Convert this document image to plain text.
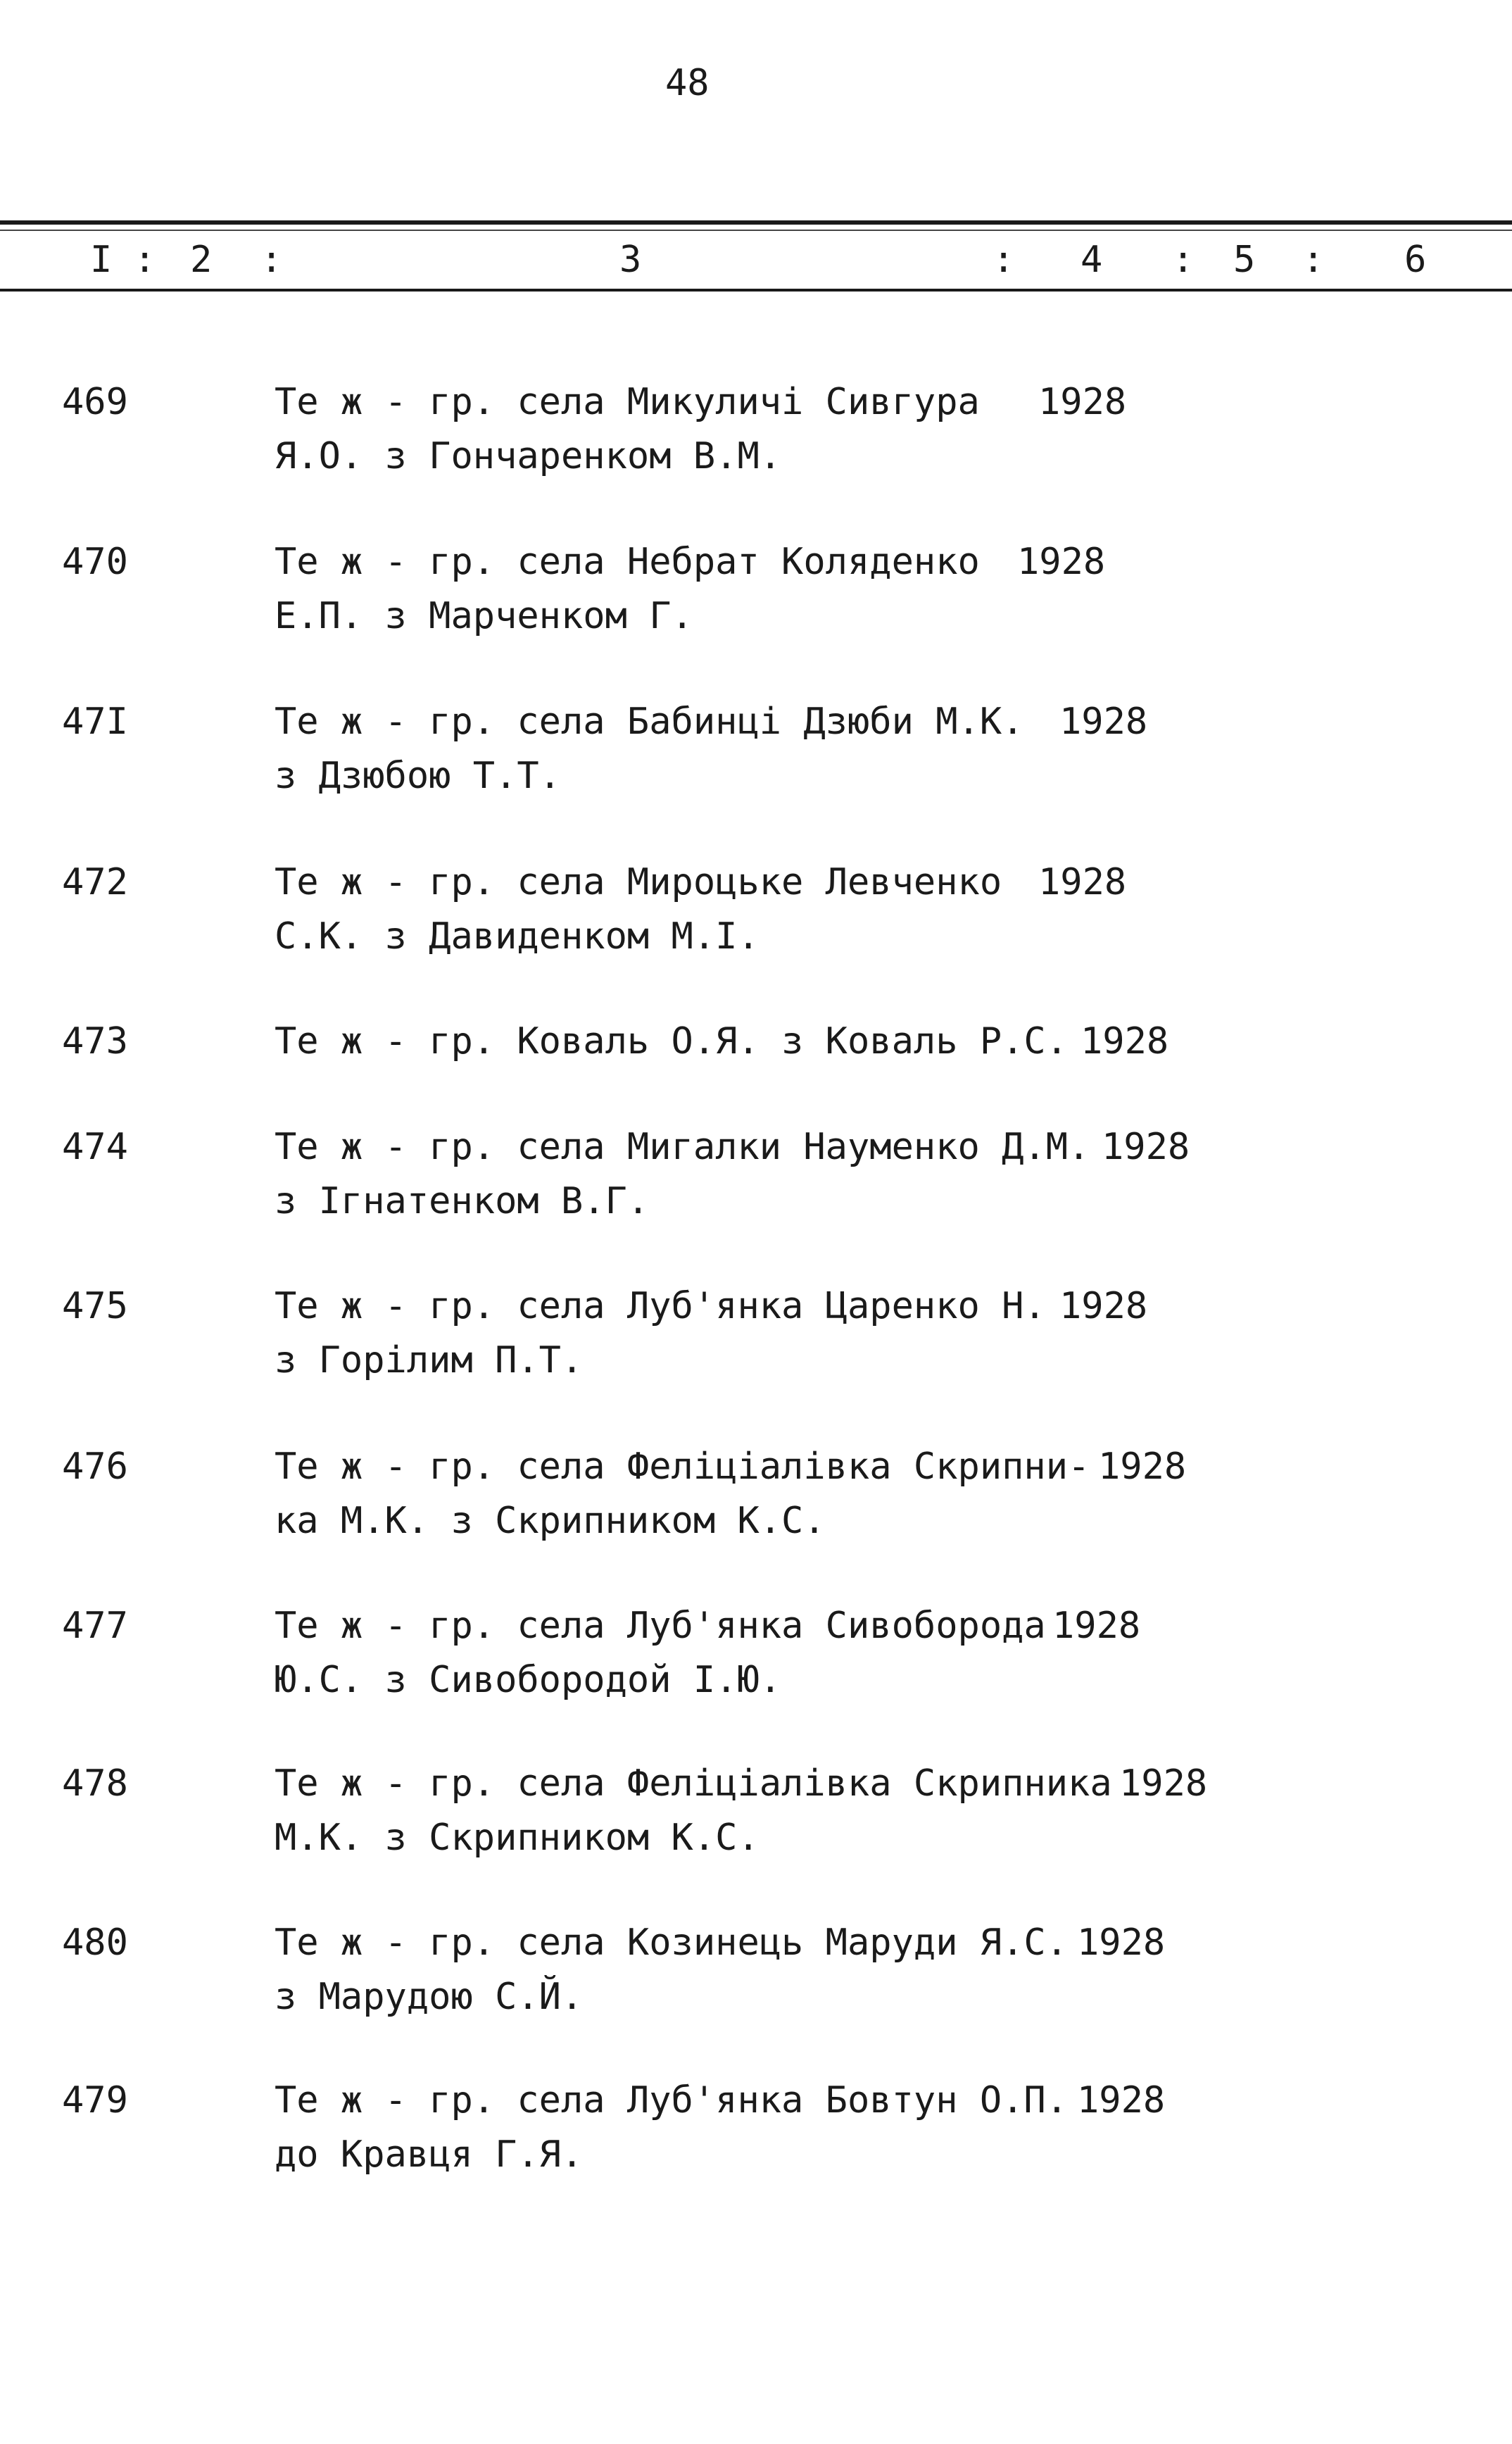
48
I : 2 :	3	: 4 : 5 : 6
469	Те ж - гр. села Микуличі Сивгура 1928
Я.О. з Гончаренком В.М.
470	Те ж - гр. села Небрат Коляденко 1928
Е.П. з Марченком Г.
47I	Те ж - гр. села Бабинці Дзюби М.К. 1928
з Дзюбою Т.Т.
472	Те ж - гр. села Мироцьке Левченко 1928
С.К. з Давиденком М.І.
473	Те ж - гр. Коваль О.Я. з Коваль Р.С. 1928
474	Те ж - гр. села Мигалки Науменко Д.М. 1928
з Ігнатенком В.Г.
475	Те ж - гр. села Луб'янка Царенко Н. 1928
з Горілим П.Т.
476	Те ж - гр. села Феліціалівка Скрипни- 1928
ка М.К. з Скрипником К.С.
477	Те ж - гр. села Луб'янка Сивоборода 1928
Ю.С. з Сивобородой І.Ю.
478	Те ж - гр. села Феліціалівка Скрипника 1928
М.К. з Скрипником К.С.
480	Те ж - гр. села Козинець Маруди Я.С. 1928
з Марудою С.Й.
479	Те ж - гр. села Луб'янка Бовтун О.П. 1928
до Кравця Г.Я.
